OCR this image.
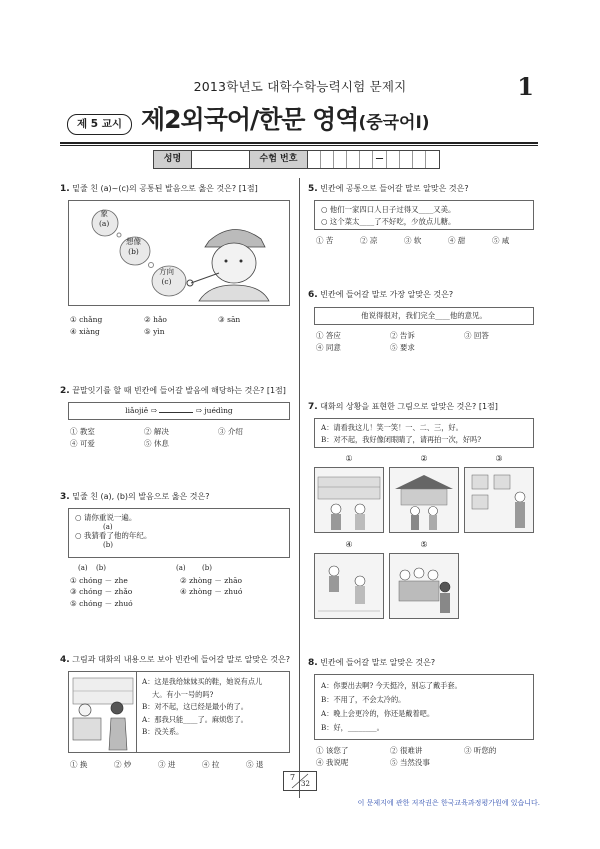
2013학년도 대학수학능력시험 문제지	1
제 5 교시 제2외국어/한문 영역(중국어Ⅰ)
성명	수험 번호	—
1. 밑줄 친 (a)~(c)의 공통된 발음으로 옳은 것은? [1점]
象
(a)
想像
(b)
方向
(c)
① chǎng	② hǎo	③ sān
④ xiàng	⑤ yìn
2. 끝말잇기를 할 때 빈칸에 들어갈 발음에 해당하는 것은? [1점]
liǎojiě ⇨	⇨ juédìng
① 教室	② 解决	③ 介绍
④ 可爱	⑤ 休息
3. 밑줄 친 (a), (b)의 발음으로 옳은 것은?
○ 请你重说一遍。
(a)
○ 我猜看了他的年纪。
(b)
(a)	(b)	(a)	(b)
① chóng － zhe	② zhòng － zhāo
③ chóng － zhǎo	④ zhòng － zhuó
⑤ chóng － zhuó
4. 그림과 대화의 내용으로 보아 빈칸에 들어갈 말로 알맞은 것은?
A：这是我给妹妹买的鞋，她说有点儿
大。有小一号的吗?
B：对不起，这已经是最小的了。
A：那我只能____了。麻烦您了。
B：没关系。
① 换	② 炒	③ 进	④ 拉	⑤ 退
5. 빈칸에 공통으로 들어갈 말로 알맞은 것은?
○ 他们一家四口人日子过得又____又美。
○ 这个菜太____了不好吃，少放点儿糖。
① 苦	② 凉	③ 软	④ 甜	⑤ 咸
6. 빈칸에 들어갈 말로 가장 알맞은 것은?
他说得很对，我们完全____他的意见。
① 答应	② 告诉	③ 回答
④ 同意	⑤ 要求
7. 대화의 상황을 표현한 그림으로 알맞은 것은? [1점]
A：请看我这儿！笑一笑！一、二、三，好。
B：对不起，我好像闭眼睛了，请再拍一次，好吗?
①	②	③
④	⑤
8. 빈칸에 들어갈 말로 알맞은 것은?
A：你要出去啊? 今天挺冷，别忘了戴手套。
B：不用了，不会太冷的。
A：晚上会更冷的，你还是戴着吧。
B：好，________。
① 该您了	② 很难讲	③ 听您的
④ 我说呢	⑤ 当然没事
7
32
이 문제지에 관한 저작권은 한국교육과정평가원에 있습니다.
